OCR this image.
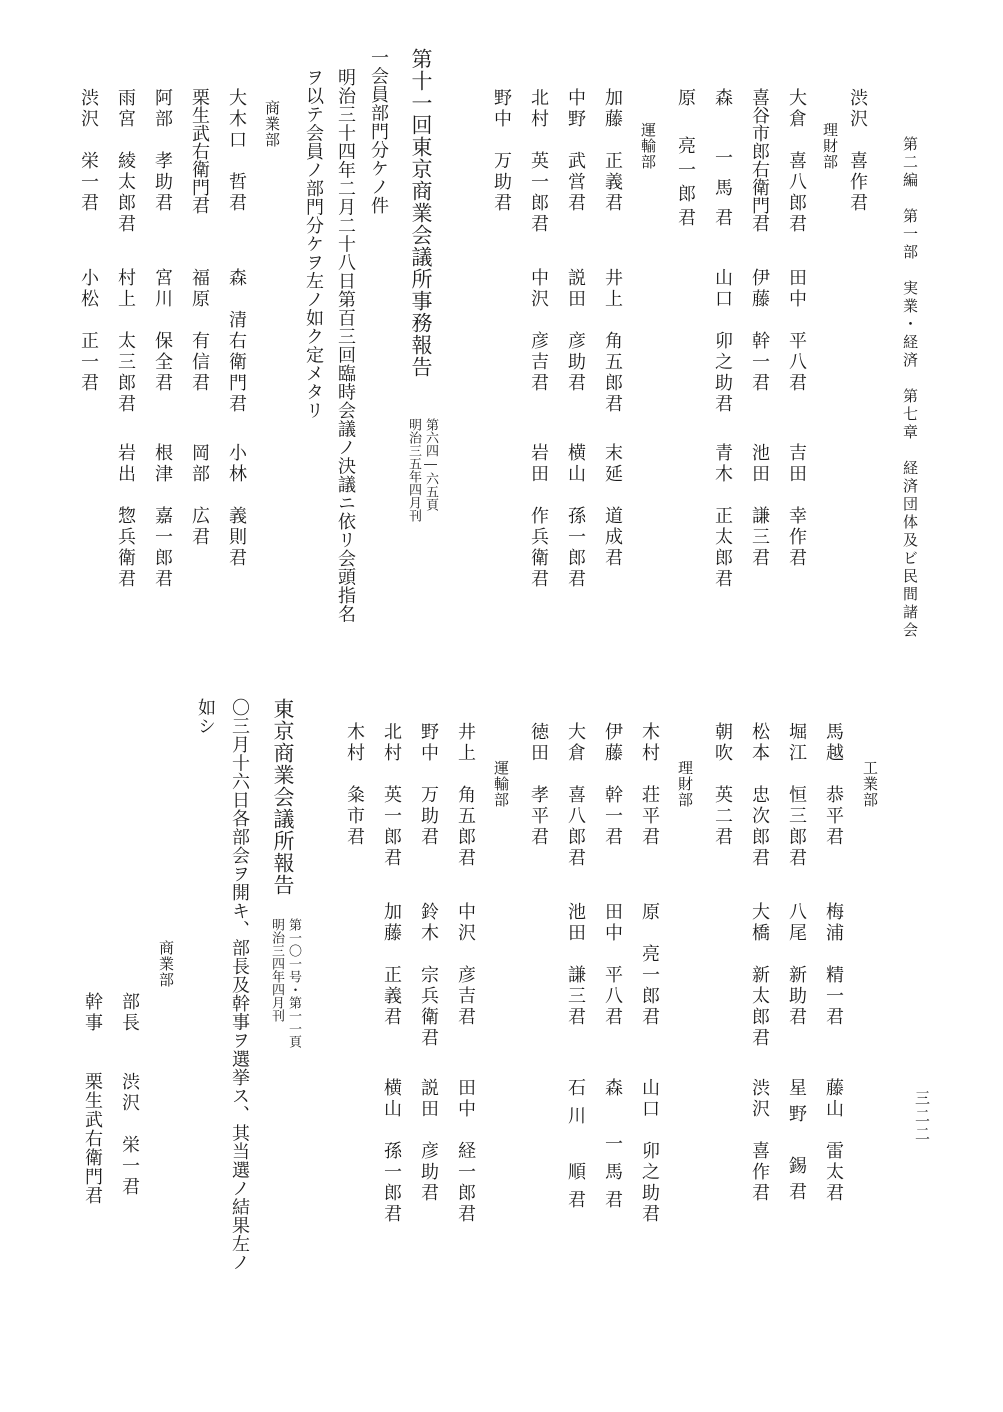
第二編　第一部　実業・経済　第七章　経済団体及ビ民間諸会
三二二
渋沢　喜作君
理財部
大倉　喜八郎君
田中　平八君
吉田　幸作君
喜谷市郎右衛門君
伊藤　幹一君
池田　謙三君
森　一馬君
山口　卯之助君
青木　正太郎君
原　亮一郎君
運輸部
加藤　正義君
井上　角五郎君
末延　道成君
中野　武営君
説田　彦助君
横山　孫一郎君
北村　英一郎君
中沢　彦吉君
岩田　作兵衛君
野中　万助君
第十一回東京商業会議所事務報告
第六四―六五頁
明治三五年四月刊
一会員部門分ケノ件
明治三十四年二月二十八日第百三回臨時会議ノ決議ニ依リ会頭指名
ヲ以テ会員ノ部門分ケヲ左ノ如ク定メタリ
商業部
大木口　哲君
森　清右衛門君
小林　義則君
栗生武右衛門君
福原　有信君
岡部　広君
阿部　孝助君
宮川　保全君
根津　嘉一郎君
雨宮　綾太郎君
村上　太三郎君
岩出　惣兵衛君
渋沢　栄一君
小松　正一君
工業部
馬越　恭平君
梅浦　精一君
藤山　雷太君
堀江　恒三郎君
八尾　新助君
星野　錫君
松本　忠次郎君
大橋　新太郎君
渋沢　喜作君
朝吹　英二君
理財部
木村　荘平君
原　亮一郎君
山口　卯之助君
伊藤　幹一君
田中　平八君
森　一馬君
大倉　喜八郎君
池田　謙三君
石川　順君
徳田　孝平君
運輸部
井上　角五郎君
中沢　彦吉君
田中　経一郎君
野中　万助君
鈴木　宗兵衛君
説田　彦助君
北村　英一郎君
加藤　正義君
横山　孫一郎君
木村　粂市君
東京商業会議所報告
第一〇一号・第一一頁
明治三四年四月刊
〇三月十六日各部会ヲ開キ、部長及幹事ヲ選挙ス、其当選ノ結果左ノ
如シ
商業部
部長
渋沢　栄一君
幹事
栗生武右衛門君
